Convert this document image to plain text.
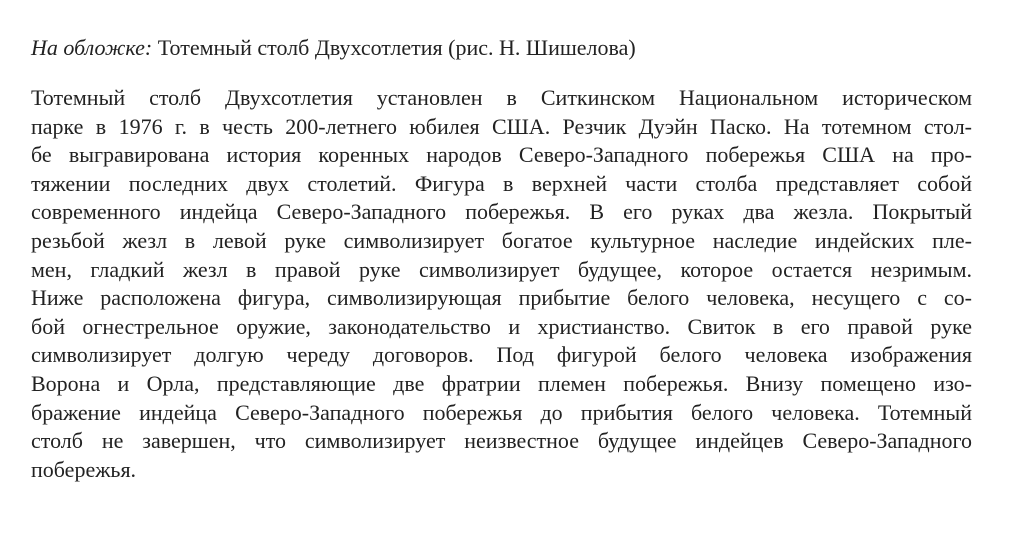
На обложке: Тотемный столб Двухсотлетия (рис. Н. Шишелова)

Тотемный столб Двухсотлетия установлен в Ситкинском Национальном историческом
парке в 1976 г. в честь 200-летнего юбилея США. Резчик Дуэйн Паско. На тотемном стол-
бе выгравирована история коренных народов Северо-Западного побережья США на про-
тяжении последних двух столетий. Фигура в верхней части столба представляет собой
современного индейца Северо-Западного побережья. В его руках два жезла. Покрытый
резьбой жезл в левой руке символизирует богатое культурное наследие индейских пле-
мен, гладкий жезл в правой руке символизирует будущее, которое остается незримым.
Ниже расположена фигура, символизирующая прибытие белого человека, несущего с со-
бой огнестрельное оружие, законодательство и христианство. Свиток в его правой руке
символизирует долгую череду договоров. Под фигурой белого человека изображения
Ворона и Орла, представляющие две фратрии племен побережья. Внизу помещено изо-
бражение индейца Северо-Западного побережья до прибытия белого человека. Тотемный
столб не завершен, что символизирует неизвестное будущее индейцев Северо-Западного
побережья.
